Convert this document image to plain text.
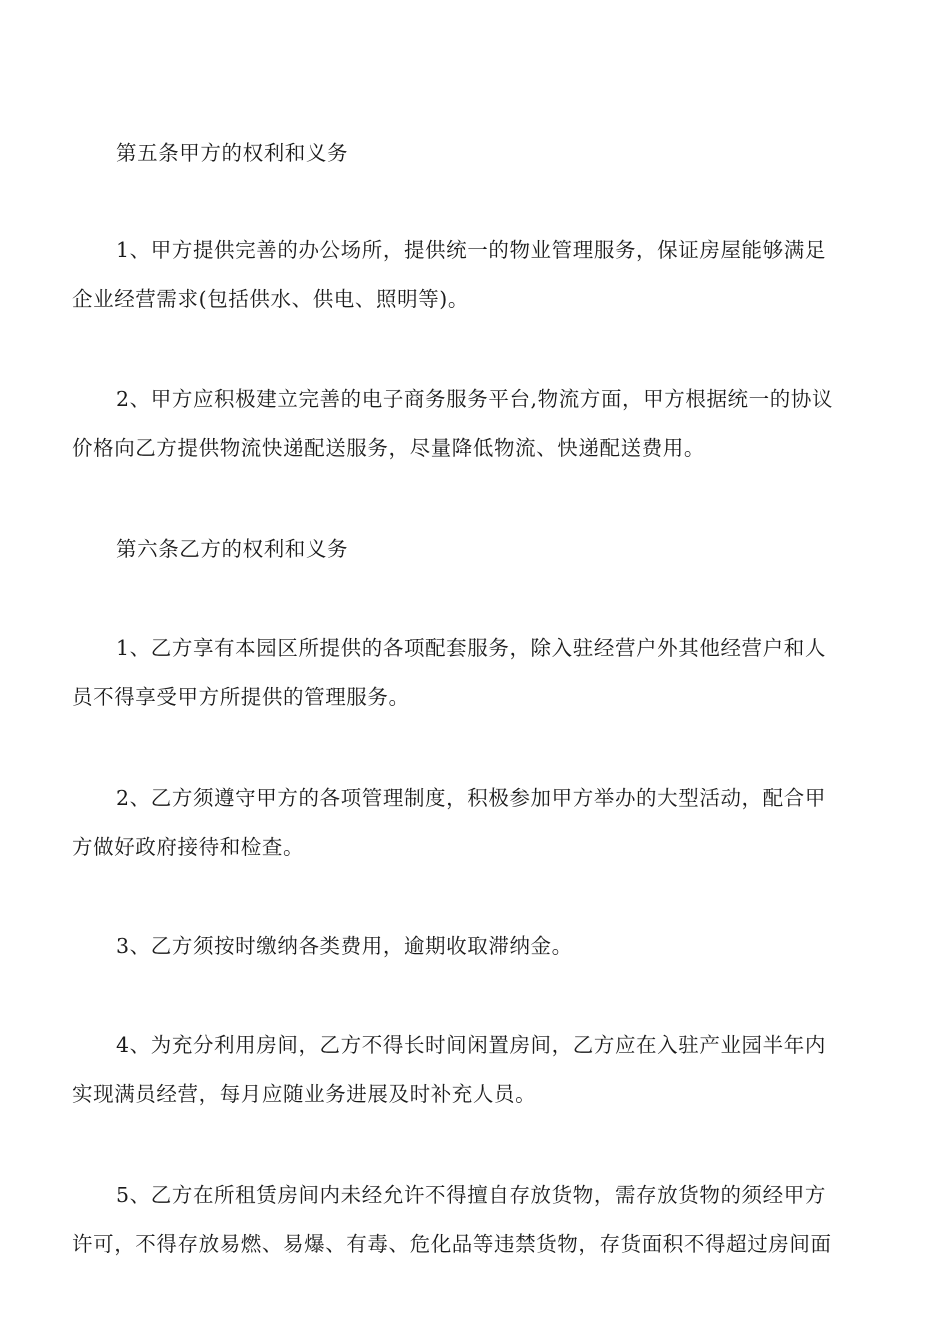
第五条甲方的权利和义务

1、甲方提供完善的办公场所，提供统一的物业管理服务，保证房屋能够满足
企业经营需求(包括供水、供电、照明等)。

2、甲方应积极建立完善的电子商务服务平台,物流方面，甲方根据统一的协议
价格向乙方提供物流快递配送服务，尽量降低物流、快递配送费用。

第六条乙方的权利和义务

1、乙方享有本园区所提供的各项配套服务，除入驻经营户外其他经营户和人
员不得享受甲方所提供的管理服务。

2、乙方须遵守甲方的各项管理制度，积极参加甲方举办的大型活动，配合甲
方做好政府接待和检查。

3、乙方须按时缴纳各类费用，逾期收取滞纳金。

4、为充分利用房间，乙方不得长时间闲置房间，乙方应在入驻产业园半年内
实现满员经营，每月应随业务进展及时补充人员。

5、乙方在所租赁房间内未经允许不得擅自存放货物，需存放货物的须经甲方
许可，不得存放易燃、易爆、有毒、危化品等违禁货物，存货面积不得超过房间面
